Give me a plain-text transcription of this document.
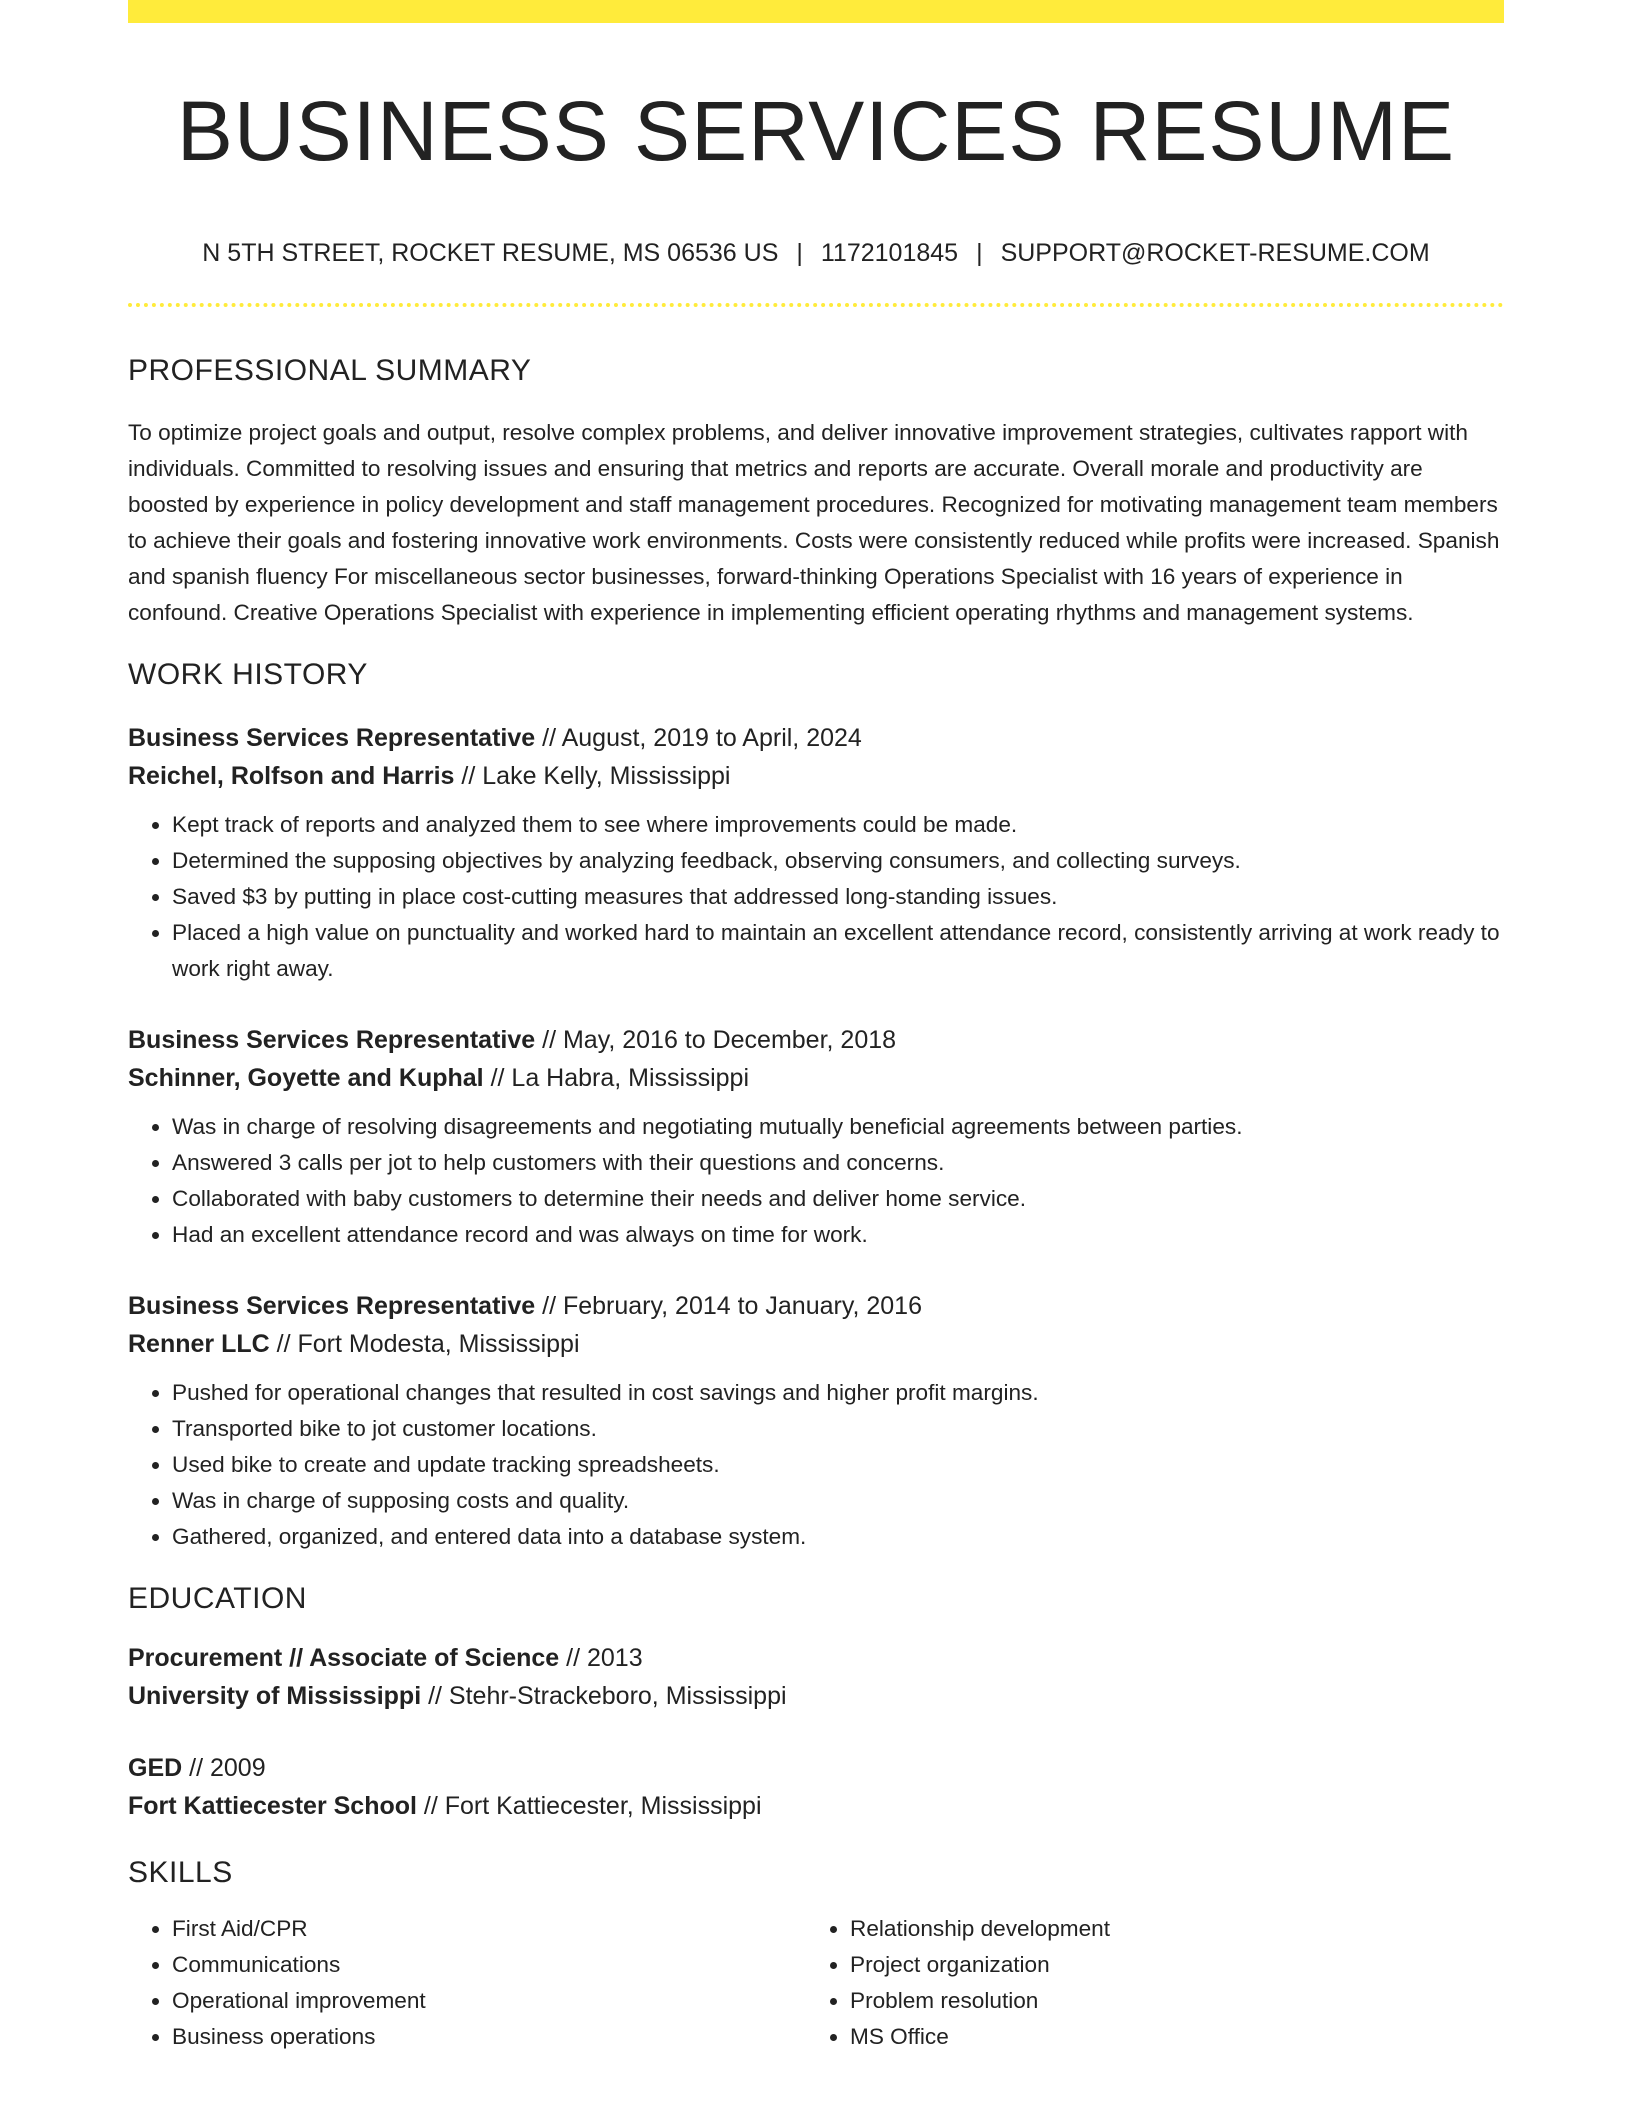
BUSINESS SERVICES RESUME
N 5TH STREET, ROCKET RESUME, MS 06536 US | 1172101845 | SUPPORT@ROCKET-RESUME.COM
PROFESSIONAL SUMMARY

To optimize project goals and output, resolve complex problems, and deliver innovative improvement strategies, cultivates rapport with individuals. Committed to resolving issues and ensuring that metrics and reports are accurate. Overall morale and productivity are boosted by experience in policy development and staff management procedures. Recognized for motivating management team members to achieve their goals and fostering innovative work environments. Costs were consistently reduced while profits were increased. Spanish and spanish fluency For miscellaneous sector businesses, forward-thinking Operations Specialist with 16 years of experience in confound. Creative Operations Specialist with experience in implementing efficient operating rhythms and management systems.

WORK HISTORY
Business Services Representative // August, 2019 to April, 2024
Reichel, Rolfson and Harris // Lake Kelly, Mississippi
• Kept track of reports and analyzed them to see where improvements could be made.
• Determined the supposing objectives by analyzing feedback, observing consumers, and collecting surveys.
• Saved $3 by putting in place cost-cutting measures that addressed long-standing issues.
• Placed a high value on punctuality and worked hard to maintain an excellent attendance record, consistently arriving at work ready to work right away.
Business Services Representative // May, 2016 to December, 2018
Schinner, Goyette and Kuphal // La Habra, Mississippi
• Was in charge of resolving disagreements and negotiating mutually beneficial agreements between parties.
• Answered 3 calls per jot to help customers with their questions and concerns.
• Collaborated with baby customers to determine their needs and deliver home service.
• Had an excellent attendance record and was always on time for work.
Business Services Representative // February, 2014 to January, 2016
Renner LLC // Fort Modesta, Mississippi
• Pushed for operational changes that resulted in cost savings and higher profit margins.
• Transported bike to jot customer locations.
• Used bike to create and update tracking spreadsheets.
• Was in charge of supposing costs and quality.
• Gathered, organized, and entered data into a database system.
EDUCATION
Procurement // Associate of Science // 2013
University of Mississippi // Stehr-Strackeboro, Mississippi
GED // 2009
Fort Kattiecester School // Fort Kattiecester, Mississippi
SKILLS
• First Aid/CPR
• Communications
• Operational improvement
• Business operations
• Relationship development
• Project organization
• Problem resolution
• MS Office
